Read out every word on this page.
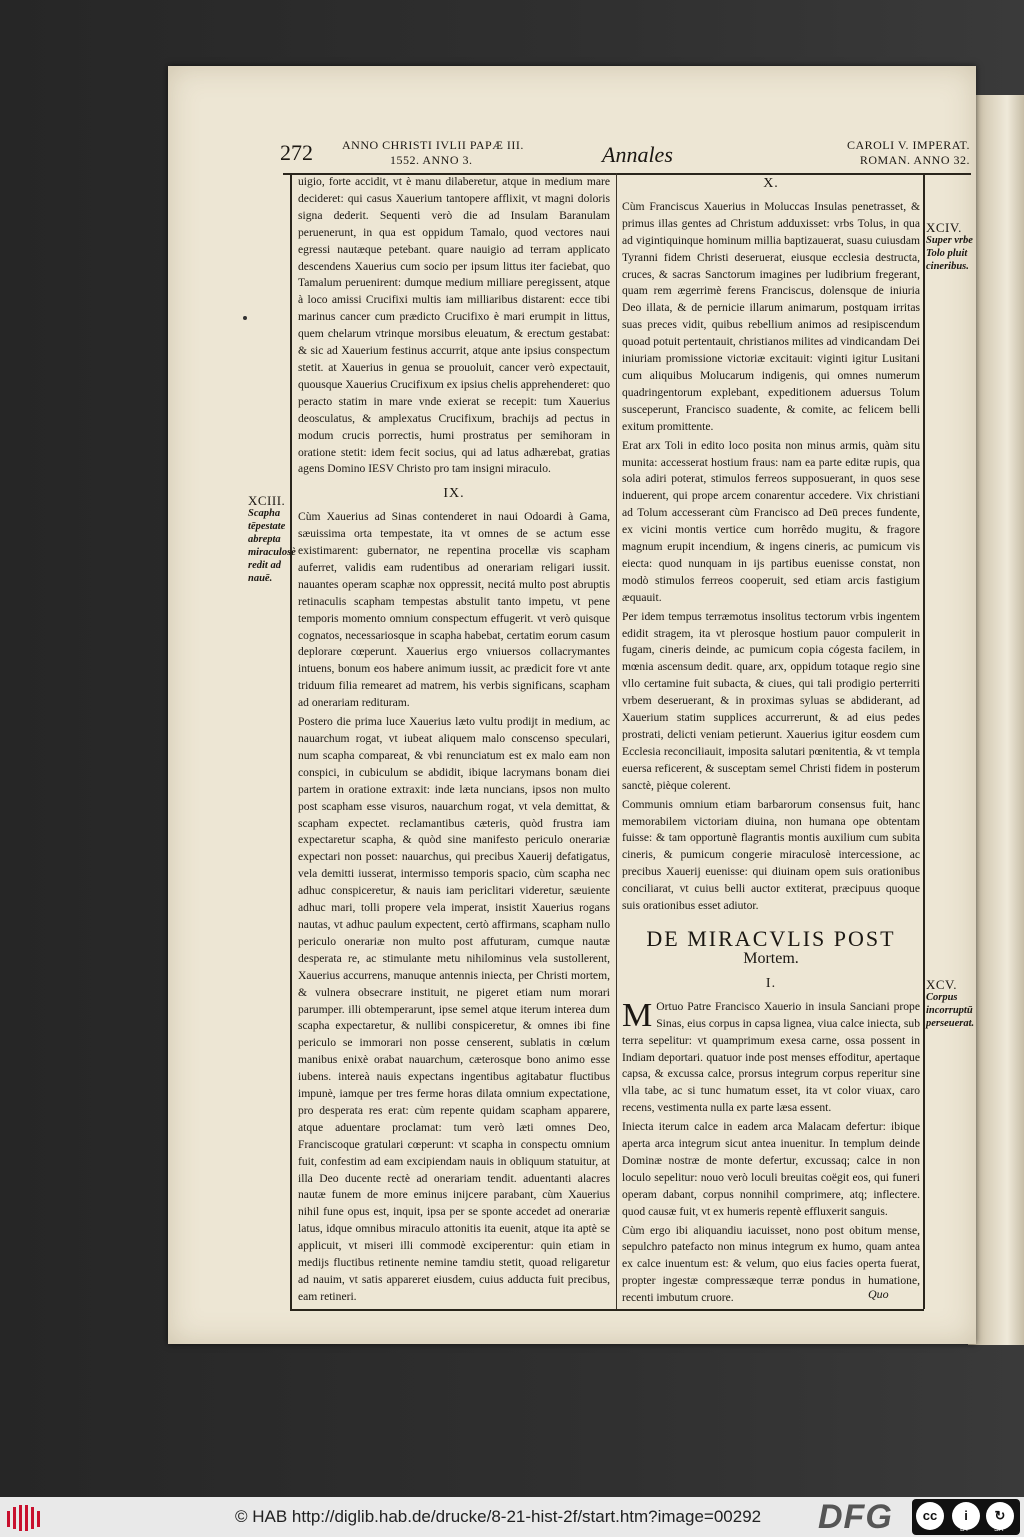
272 ANNO CHRISTI IVLII PAPÆ III.
1552. ANNO 3.	Annales	CAROLI V. IMPERAT.
ROMAN. ANNO 32.

uigio, forte accidit, vt è manu dilaberetur, atque in medium mare decideret: qui casus Xauerium tantopere afflixit, vt magni doloris signa dederit. Sequenti verò die ad Insulam Baranulam peruenerunt, in qua est oppidum Tamalo, quod vectores naui egressi nautæque petebant. quare nauigio ad terram applicato descendens Xauerius cum socio per ipsum littus iter faciebat, quo Tamalum peruenirent: dumque medium milliare peregissent, atque à loco amissi Crucifixi multis iam milliaribus distarent: ecce tibi marinus cancer cum prædicto Crucifixo è mari erumpit in littus, quem chelarum vtrinque morsibus eleuatum, & erectum gestabat: & sic ad Xauerium festinus accurrit, atque ante ipsius conspectum stetit. at Xauerius in genua se prouoluit, cancer verò expectauit, quousque Xauerius Crucifixum ex ipsius chelis apprehenderet: quo peracto statim in mare vnde exierat se recepit: tum Xauerius deosculatus, & amplexatus Crucifixum, brachijs ad pectus in modum crucis porrectis, humi prostratus per semihoram in oratione stetit: idem fecit socius, qui ad latus adhærebat, gratias agens Domino IESV Christo pro tam insigni miraculo.

IX.

Cùm Xauerius ad Sinas contenderet in naui Odoardi à Gama, sæuissima orta tempestate, ita vt omnes de se actum esse existimarent: gubernator, ne repentina procellæ vis scapham auferret, validis eam rudentibus ad onerariam religari iussit. nauantes operam scaphæ nox oppressit, necitá multo post abruptis retinaculis scapham tempestas abstulit tanto impetu, vt pene temporis momento omnium conspectum effugerit. vt verò quisque cognatos, necessariosque in scapha habebat, certatim eorum casum deplorare cœperunt. Xauerius ergo vniuersos collacrymantes intuens, bonum eos habere animum iussit, ac prædicit fore vt ante triduum filia remearet ad matrem, his verbis significans, scapham ad onerariam redituram.

Postero die prima luce Xauerius læto vultu prodijt in medium, ac nauarchum rogat, vt iubeat aliquem malo conscenso speculari, num scapha compareat, & vbi renunciatum est ex malo eam non conspici, in cubiculum se abdidit, ibique lacrymans bonam diei partem in oratione extraxit: inde læta nuncians, ipsos non multo post scapham esse visuros, nauarchum rogat, vt vela demittat, & scapham expectet. reclamantibus cæteris, quòd frustra iam expectaretur scapha, & quòd sine manifesto periculo onerariæ expectari non posset: nauarchus, qui precibus Xauerij defatigatus, vela demitti iusserat, intermisso temporis spacio, cùm scapha nec adhuc conspiceretur, & nauis iam periclitari videretur, sæuiente adhuc mari, tolli propere vela imperat, insistit Xauerius rogans nautas, vt adhuc paulum expectent, certò affirmans, scapham nullo periculo onerariæ non multo post affuturam, cumque nautæ desperata re, ac stimulante metu nihilominus vela sustollerent, Xauerius accurrens, manuque antennis iniecta, per Christi mortem, & vulnera obsecrare instituit, ne pigeret etiam num morari parumper. illi obtemperarunt, ipse semel atque iterum interea dum scapha expectaretur, & nullibi conspiceretur, & omnes ibi fine periculo se immorari non posse censerent, sublatis in cœlum manibus enixè orabat nauarchum, cæterosque bono animo esse iubens. intereà nauis expectans ingentibus agitabatur fluctibus impunè, iamque per tres ferme horas dilata omnium expectatione, pro desperata res erat: cùm repente quidam scapham apparere, atque aduentare proclamat: tum verò læti omnes Deo, Franciscoque gratulari cœperunt: vt scapha in conspectu omnium fuit, confestim ad eam excipiendam nauis in obliquum statuitur, at illa Deo ducente rectè ad onerariam tendit. aduentanti alacres nautæ funem de more eminus inijcere parabant, cùm Xauerius nihil fune opus est, inquit, ipsa per se sponte accedet ad onerariæ latus, idque omnibus miraculo attonitis ita euenit, atque ita aptè se applicuit, vt miseri illi commodè exciperentur: quin etiam in medijs fluctibus retinente nemine tamdiu stetit, quoad religaretur ad nauim, vt satis appareret eiusdem, cuius adducta fuit precibus, eam retineri.

X.

Cùm Franciscus Xauerius in Moluccas Insulas penetrasset, & primus illas gentes ad Christum adduxisset: vrbs Tolus, in qua ad vigintiquinque hominum millia baptizauerat, suasu cuiusdam Tyranni fidem Christi deseruerat, eiusque ecclesia destructa, cruces, & sacras Sanctorum imagines per ludibrium fregerant, quam rem ægerrimè ferens Franciscus, dolensque de iniuria Deo illata, & de pernicie illarum animarum, postquam irritas suas preces vidit, quibus rebellium animos ad resipiscendum quoad potuit pertentauit, christianos milites ad vindicandam Dei iniuriam promissione victoriæ excitauit: viginti igitur Lusitani cum aliquibus Molucarum indigenis, qui omnes numerum quadringentorum explebant, expeditionem aduersus Tolum susceperunt, Francisco suadente, & comite, ac felicem belli exitum promittente.

Erat arx Toli in edito loco posita non minus armis, quàm situ munita: accesserat hostium fraus: nam ea parte editæ rupis, qua sola adiri poterat, stimulos ferreos supposuerant, in quos sese induerent, qui prope arcem conarentur accedere. Vix christiani ad Tolum accesserant cùm Francisco ad Deū preces fundente, ex vicini montis vertice cum horrêdo mugitu, & fragore magnum erupit incendium, & ingens cineris, ac pumicum vis eiecta: quod nunquam in ijs partibus euenisse constat, non modò stimulos ferreos cooperuit, sed etiam arcis fastigium æquauit.

Per idem tempus terræmotus insolitus tectorum vrbis ingentem edidit stragem, ita vt plerosque hostium pauor compulerit in fugam, cineris deinde, ac pumicum copia cógesta facilem, in mœnia ascensum dedit. quare, arx, oppidum totaque regio sine vllo certamine fuit subacta, & ciues, qui tali prodigio perterriti vrbem deseruerant, & in proximas syluas se abdiderant, ad Xauerium statim supplices accurrerunt, & ad eius pedes prostrati, delicti veniam petierunt. Xauerius igitur eosdem cum Ecclesia reconciliauit, imposita salutari pœnitentia, & vt templa euersa reficerent, & susceptam semel Christi fidem in posterum sanctè, pièque colerent.

Communis omnium etiam barbarorum consensus fuit, hanc memorabilem victoriam diuina, non humana ope obtentam fuisse: & tam opportunè flagrantis montis auxilium cum subita cineris, & pumicum congerie miraculosè intercessione, ac precibus Xauerij euenisse: qui diuinam opem suis orationibus conciliarat, vt cuius belli auctor extiterat, præcipuus quoque suis orationibus esset adiutor.

DE MIRACVLIS POST
Mortem.
I.

M Ortuo Patre Francisco Xauerio in insula Sanciani prope Sinas, eius corpus in capsa lignea, viua calce iniecta, sub terra sepelitur: vt quamprimum exesa carne, ossa possent in Indiam deportari. quatuor inde post menses effoditur, apertaque capsa, & excussa calce, prorsus integrum corpus reperitur sine vlla tabe, ac si tunc humatum esset, ita vt color viuax, caro recens, vestimenta nulla ex parte læsa essent.

Iniecta iterum calce in eadem arca Malacam defertur: ibique aperta arca integrum sicut antea inuenitur. In templum deinde Dominæ nostræ de monte defertur, excussaq; calce in non loculo sepelitur: nouo verò loculi breuitas coëgit eos, qui funeri operam dabant, corpus nonnihil comprimere, atq; inflectere. quod causæ fuit, vt ex humeris repentè effluxerit sanguis.

Cùm ergo ibi aliquandiu iacuisset, nono post obitum mense, sepulchro patefacto non minus integrum ex humo, quam antea ex calce inuentum est: & velum, quo eius facies operta fuerat, propter ingestæ compressæque terræ pondus in humatione, recenti imbutum cruore.

XCIII.
Scapha tēpestate abrepta miraculosè redit ad nauē.
XCIV.
Super vrbe Tolo pluit cineribus.
XCV.
Corpus incorruptū perseuerat.
Quo
© HAB http://diglib.hab.de/drucke/8-21-hist-2f/start.htm?image=00292 DFG	cc	i	↻
BY	SA
